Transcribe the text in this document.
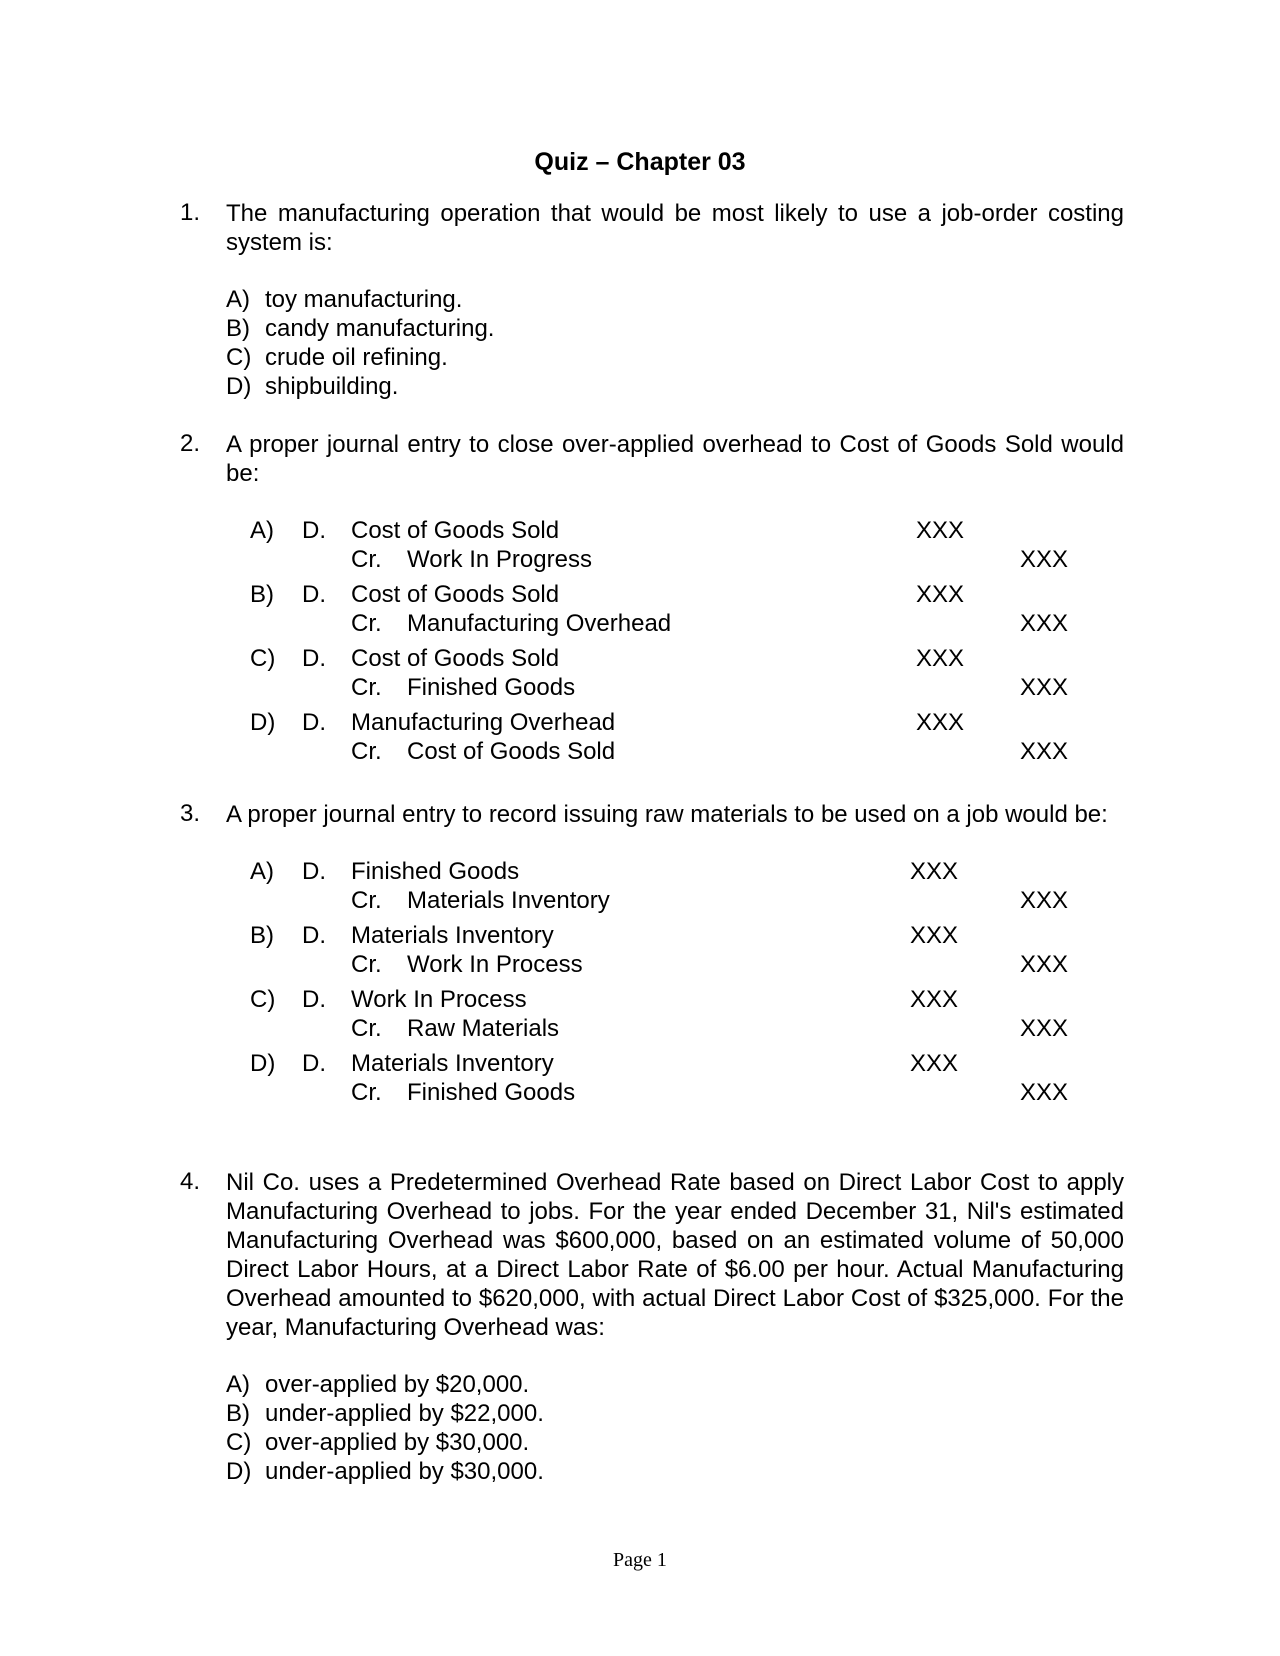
Quiz – Chapter 03
1. The manufacturing operation that would be most likely to use a job-order costing system is:
A) toy manufacturing.
B) candy manufacturing.
C) crude oil refining.
D) shipbuilding.
2. A proper journal entry to close over-applied overhead to Cost of Goods Sold would be:
A) D. Cost of Goods Sold	XXX
Cr. Work In Progress	XXX
B) D. Cost of Goods Sold	XXX
Cr. Manufacturing Overhead	XXX
C) D. Cost of Goods Sold	XXX
Cr. Finished Goods	XXX
D) D. Manufacturing Overhead	XXX
Cr. Cost of Goods Sold	XXX
3. A proper journal entry to record issuing raw materials to be used on a job would be:
A) D. Finished Goods	XXX
Cr. Materials Inventory	XXX
B) D. Materials Inventory	XXX
Cr. Work In Process	XXX
C) D. Work In Process	XXX
Cr. Raw Materials	XXX
D) D. Materials Inventory	XXX
Cr. Finished Goods	XXX
4. Nil Co. uses a Predetermined Overhead Rate based on Direct Labor Cost to apply Manufacturing Overhead to jobs. For the year ended December 31, Nil's estimated Manufacturing Overhead was $600,000, based on an estimated volume of 50,000 Direct Labor Hours, at a Direct Labor Rate of $6.00 per hour. Actual Manufacturing Overhead amounted to $620,000, with actual Direct Labor Cost of $325,000. For the year, Manufacturing Overhead was:
A) over-applied by $20,000.
B) under-applied by $22,000.
C) over-applied by $30,000.
D) under-applied by $30,000.
Page 1
